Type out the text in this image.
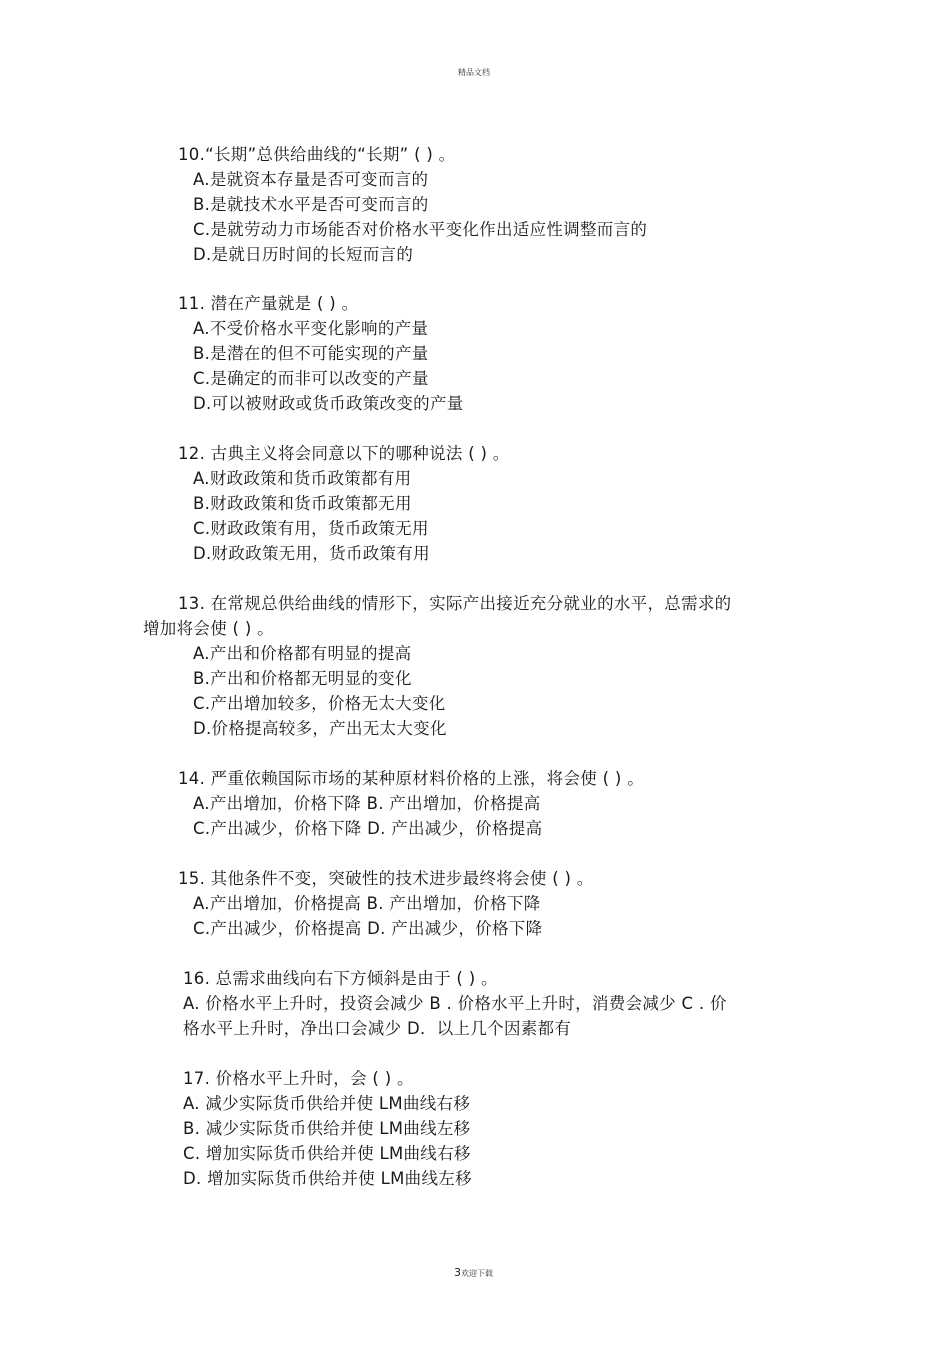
精品文档
10.“长期”总供给曲线的“长期” ( ) 。
A.是就资本存量是否可变而言的
B.是就技术水平是否可变而言的
C.是就劳动力市场能否对价格水平变化作出适应性调整而言的
D.是就日历时间的长短而言的
11. 潜在产量就是 ( ) 。
A.不受价格水平变化影响的产量
B.是潜在的但不可能实现的产量
C.是确定的而非可以改变的产量
D.可以被财政或货币政策改变的产量
12. 古典主义将会同意以下的哪种说法 ( ) 。
A.财政政策和货币政策都有用
B.财政政策和货币政策都无用
C.财政政策有用，货币政策无用
D.财政政策无用，货币政策有用
13. 在常规总供给曲线的情形下，实际产出接近充分就业的水平，总需求的
增加将会使 ( ) 。
A.产出和价格都有明显的提高
B.产出和价格都无明显的变化
C.产出增加较多，价格无太大变化
D.价格提高较多，产出无太大变化
14. 严重依赖国际市场的某种原材料价格的上涨，将会使 ( ) 。
A.产出增加，价格下降 B. 产出增加，价格提高
C.产出减少，价格下降 D. 产出减少，价格提高
15. 其他条件不变，突破性的技术进步最终将会使 ( ) 。
A.产出增加，价格提高 B. 产出增加，价格下降
C.产出减少，价格提高 D. 产出减少，价格下降
16. 总需求曲线向右下方倾斜是由于 ( ) 。
A. 价格水平上升时，投资会减少 B . 价格水平上升时，消费会减少 C . 价
格水平上升时，净出口会减少 D．以上几个因素都有
17. 价格水平上升时，会 ( ) 。
A. 减少实际货币供给并使 LM曲线右移
B. 减少实际货币供给并使 LM曲线左移
C. 增加实际货币供给并使 LM曲线右移
D. 增加实际货币供给并使 LM曲线左移
3欢迎下载
